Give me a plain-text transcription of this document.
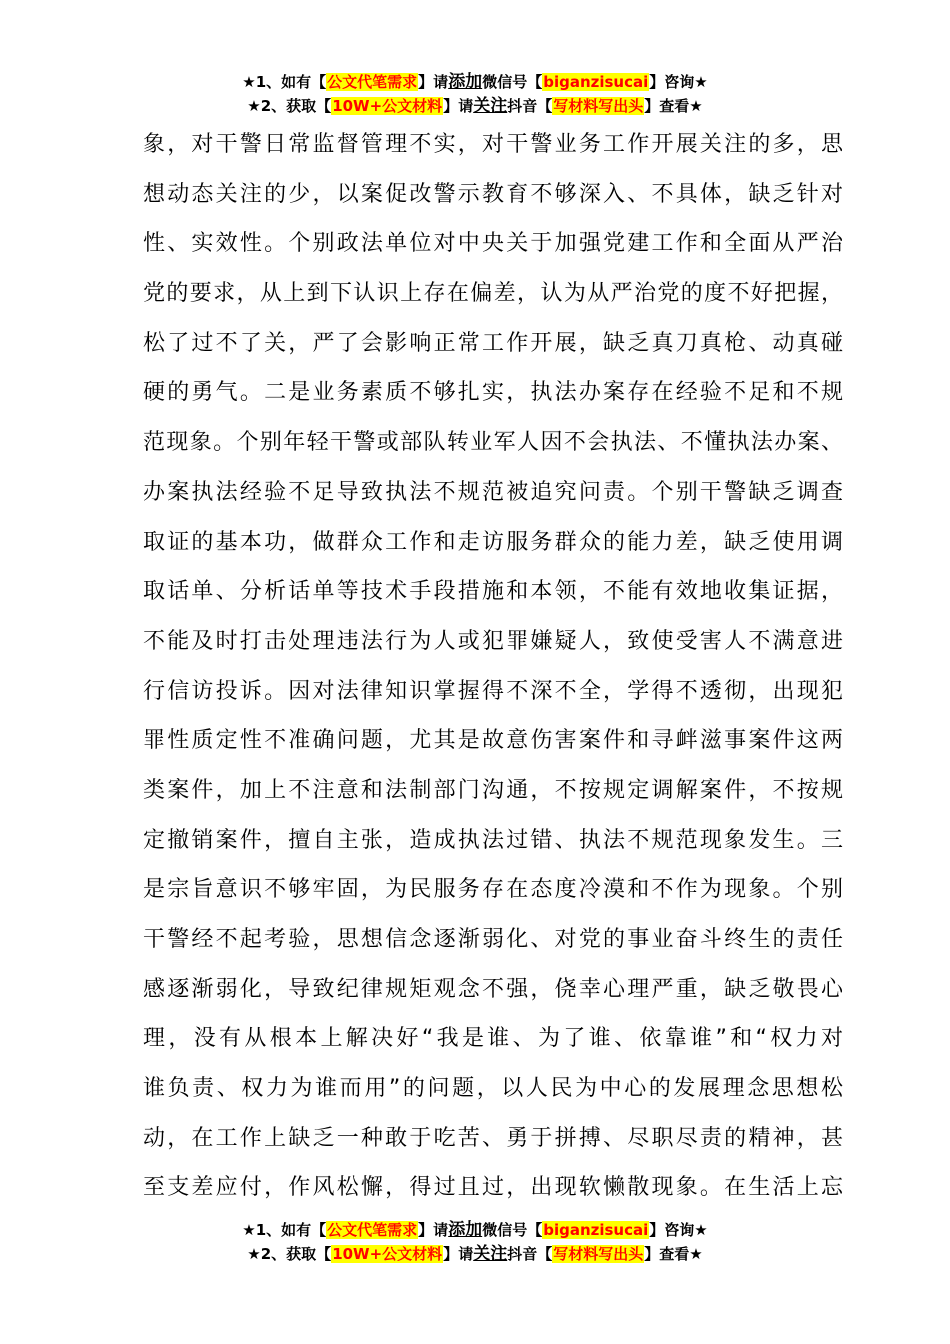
★1、如有【公文代笔需求】请添加微信号【biganzisucai】咨询★
★2、获取【10W+公文材料】请关注抖音【写材料写出头】查看★
象，对干警日常监督管理不实，对干警业务工作开展关注的多，思
想动态关注的少，以案促改警示教育不够深入、不具体，缺乏针对
性、实效性。个别政法单位对中央关于加强党建工作和全面从严治
党的要求，从上到下认识上存在偏差，认为从严治党的度不好把握，
松了过不了关，严了会影响正常工作开展，缺乏真刀真枪、动真碰
硬的勇气。二是业务素质不够扎实，执法办案存在经验不足和不规
范现象。个别年轻干警或部队转业军人因不会执法、不懂执法办案、
办案执法经验不足导致执法不规范被追究问责。个别干警缺乏调查
取证的基本功，做群众工作和走访服务群众的能力差，缺乏使用调
取话单、分析话单等技术手段措施和本领，不能有效地收集证据，
不能及时打击处理违法行为人或犯罪嫌疑人，致使受害人不满意进
行信访投诉。因对法律知识掌握得不深不全，学得不透彻，出现犯
罪性质定性不准确问题，尤其是故意伤害案件和寻衅滋事案件这两
类案件，加上不注意和法制部门沟通，不按规定调解案件，不按规
定撤销案件，擅自主张，造成执法过错、执法不规范现象发生。三
是宗旨意识不够牢固，为民服务存在态度冷漠和不作为现象。个别
干警经不起考验，思想信念逐渐弱化、对党的事业奋斗终生的责任
感逐渐弱化，导致纪律规矩观念不强，侥幸心理严重，缺乏敬畏心
理，没有从根本上解决好“我是谁、为了谁、依靠谁”和“权力对
谁负责、权力为谁而用”的问题，以人民为中心的发展理念思想松
动，在工作上缺乏一种敢于吃苦、勇于拼搏、尽职尽责的精神，甚
至支差应付，作风松懈，得过且过，出现软懒散现象。在生活上忘
★1、如有【公文代笔需求】请添加微信号【biganzisucai】咨询★
★2、获取【10W+公文材料】请关注抖音【写材料写出头】查看★
